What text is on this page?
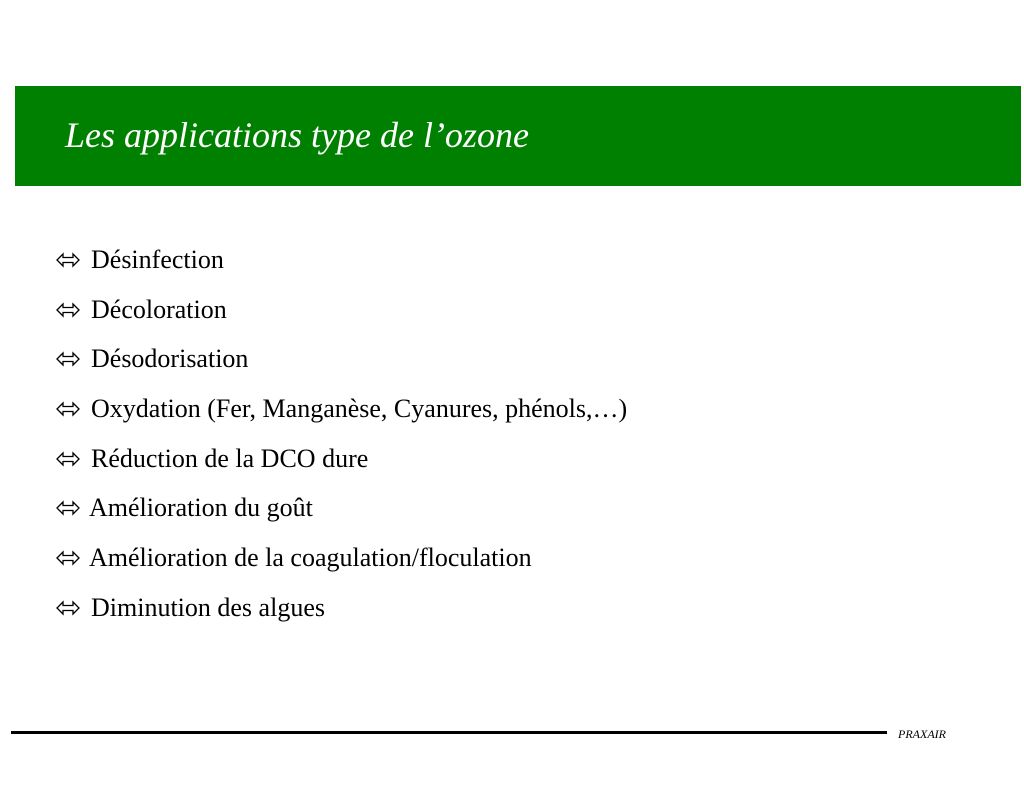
Les applications type de l’ozone
Désinfection
Décoloration
Désodorisation
Oxydation (Fer, Manganèse, Cyanures, phénols,…)
Réduction de la DCO dure
Amélioration du goût
Amélioration de la coagulation/floculation
Diminution des algues
PRAXAIR
